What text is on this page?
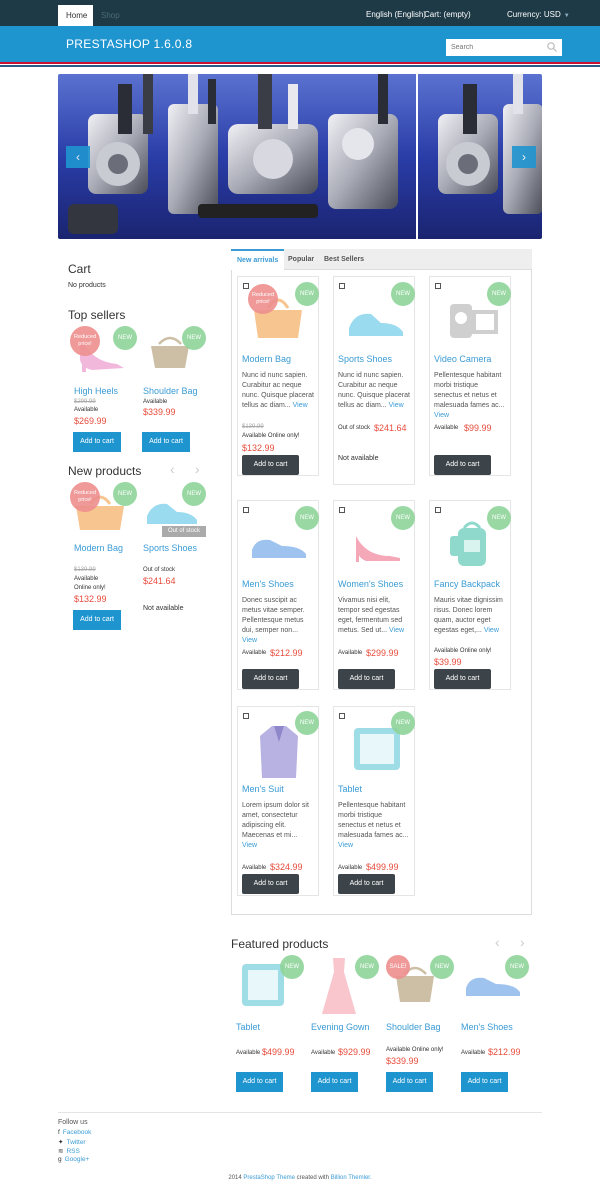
Home	Shop	English (English)
Cart: (empty)	Currency: USD ▼
PRESTASHOP 1.6.0.8
Search
‹	›
Cart
No products
Top sellers
Reduced price!
NEW
High Heels
$299.99
Available
$269.99
Add to cart
NEW
Shoulder Bag
Available
$339.99
Add to cart
New products ‹ ›
Reduced price!
NEW
Modern Bag
$139.99
Available Online only!
$132.99
Add to cart
NEW
Out of stock
Sports Shoes
Out of stock
$241.64
Not available
New arrivals	Popular	Best Sellers
Reduced price!
NEW
Modern Bag
Nunc id nunc sapien. Curabitur ac neque nunc. Quisque placerat tellus ac diam... View
$139.99
Available Online only!
$132.99
Add to cart
NEW
Sports Shoes
Nunc id nunc sapien. Curabitur ac neque nunc. Quisque placerat tellus ac diam... View
Out of stock $241.64
Not available
NEW
Video Camera
Pellentesque habitant morbi tristique senectus et netus et malesuada fames ac... View
Available $99.99
Add to cart
NEW
Men's Shoes
Donec suscipit ac metus vitae semper. Pellentesque metus dui, semper non... View
Available $212.99
Add to cart
NEW
Women's Shoes
Vivamus nisi elit, tempor sed egestas eget, fermentum sed metus. Sed ut... View
Available $299.99
Add to cart
NEW
Fancy Backpack
Mauris vitae dignissim risus. Donec lorem quam, auctor eget egestas eget,... View
Available Online only!
$39.99
Add to cart
NEW
Men's Suit
Lorem ipsum dolor sit amet, consectetur adipiscing elit. Maecenas et mi... View
Available $324.99
Add to cart
NEW
Tablet
Pellentesque habitant morbi tristique senectus et netus et malesuada fames ac... View
Available $499.99
Add to cart
Featured products	‹ ›
NEW
Tablet
Available $499.99
Add to cart
NEW
Evening Gown
Available $929.99
Add to cart
SALE!	NEW
Shoulder Bag
Available Online only!
$339.99
Add to cart
NEW
Men's Shoes
Available $212.99
Add to cart
Follow us
f Facebook
✦ Twitter
≋ RSS
g Google+
2014 PrestaShop Theme created with Billion Themler.
